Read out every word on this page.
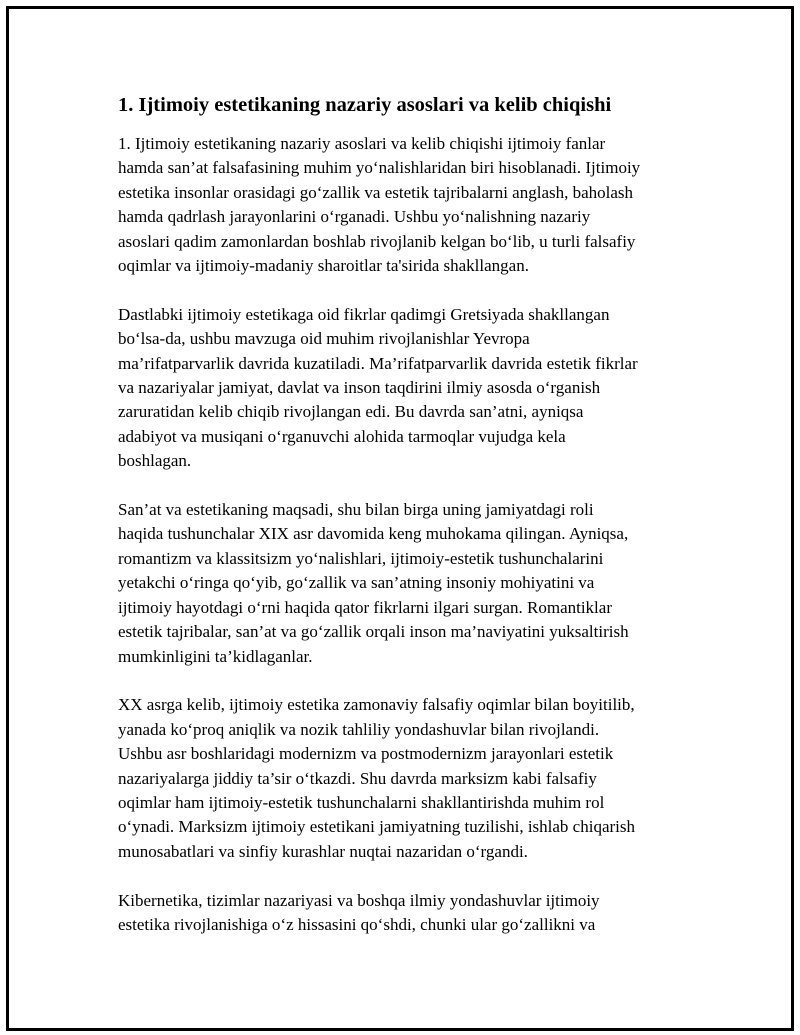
1. Ijtimoiy estetikaning nazariy asoslari va kelib chiqishi
1. Ijtimoiy estetikaning nazariy asoslari va kelib chiqishi ijtimoiy fanlar
hamda san’at falsafasining muhim yo‘nalishlaridan biri hisoblanadi. Ijtimoiy
estetika insonlar orasidagi go‘zallik va estetik tajribalarni anglash, baholash
hamda qadrlash jarayonlarini o‘rganadi. Ushbu yo‘nalishning nazariy
asoslari qadim zamonlardan boshlab rivojlanib kelgan bo‘lib, u turli falsafiy
oqimlar va ijtimoiy-madaniy sharoitlar ta'sirida shakllangan.
Dastlabki ijtimoiy estetikaga oid fikrlar qadimgi Gretsiyada shakllangan
bo‘lsa-da, ushbu mavzuga oid muhim rivojlanishlar Yevropa
ma’rifatparvarlik davrida kuzatiladi. Ma’rifatparvarlik davrida estetik fikrlar
va nazariyalar jamiyat, davlat va inson taqdirini ilmiy asosda o‘rganish
zaruratidan kelib chiqib rivojlangan edi. Bu davrda san’atni, ayniqsa
adabiyot va musiqani o‘rganuvchi alohida tarmoqlar vujudga kela
boshlagan.
San’at va estetikaning maqsadi, shu bilan birga uning jamiyatdagi roli
haqida tushunchalar XIX asr davomida keng muhokama qilingan. Ayniqsa,
romantizm va klassitsizm yo‘nalishlari, ijtimoiy-estetik tushunchalarini
yetakchi o‘ringa qo‘yib, go‘zallik va san’atning insoniy mohiyatini va
ijtimoiy hayotdagi o‘rni haqida qator fikrlarni ilgari surgan. Romantiklar
estetik tajribalar, san’at va go‘zallik orqali inson ma’naviyatini yuksaltirish
mumkinligini ta’kidlaganlar.
XX asrga kelib, ijtimoiy estetika zamonaviy falsafiy oqimlar bilan boyitilib,
yanada ko‘proq aniqlik va nozik tahliliy yondashuvlar bilan rivojlandi.
Ushbu asr boshlaridagi modernizm va postmodernizm jarayonlari estetik
nazariyalarga jiddiy ta’sir o‘tkazdi. Shu davrda marksizm kabi falsafiy
oqimlar ham ijtimoiy-estetik tushunchalarni shakllantirishda muhim rol
o‘ynadi. Marksizm ijtimoiy estetikani jamiyatning tuzilishi, ishlab chiqarish
munosabatlari va sinfiy kurashlar nuqtai nazaridan o‘rgandi.
Kibernetika, tizimlar nazariyasi va boshqa ilmiy yondashuvlar ijtimoiy
estetika rivojlanishiga o‘z hissasini qo‘shdi, chunki ular go‘zallikni va
